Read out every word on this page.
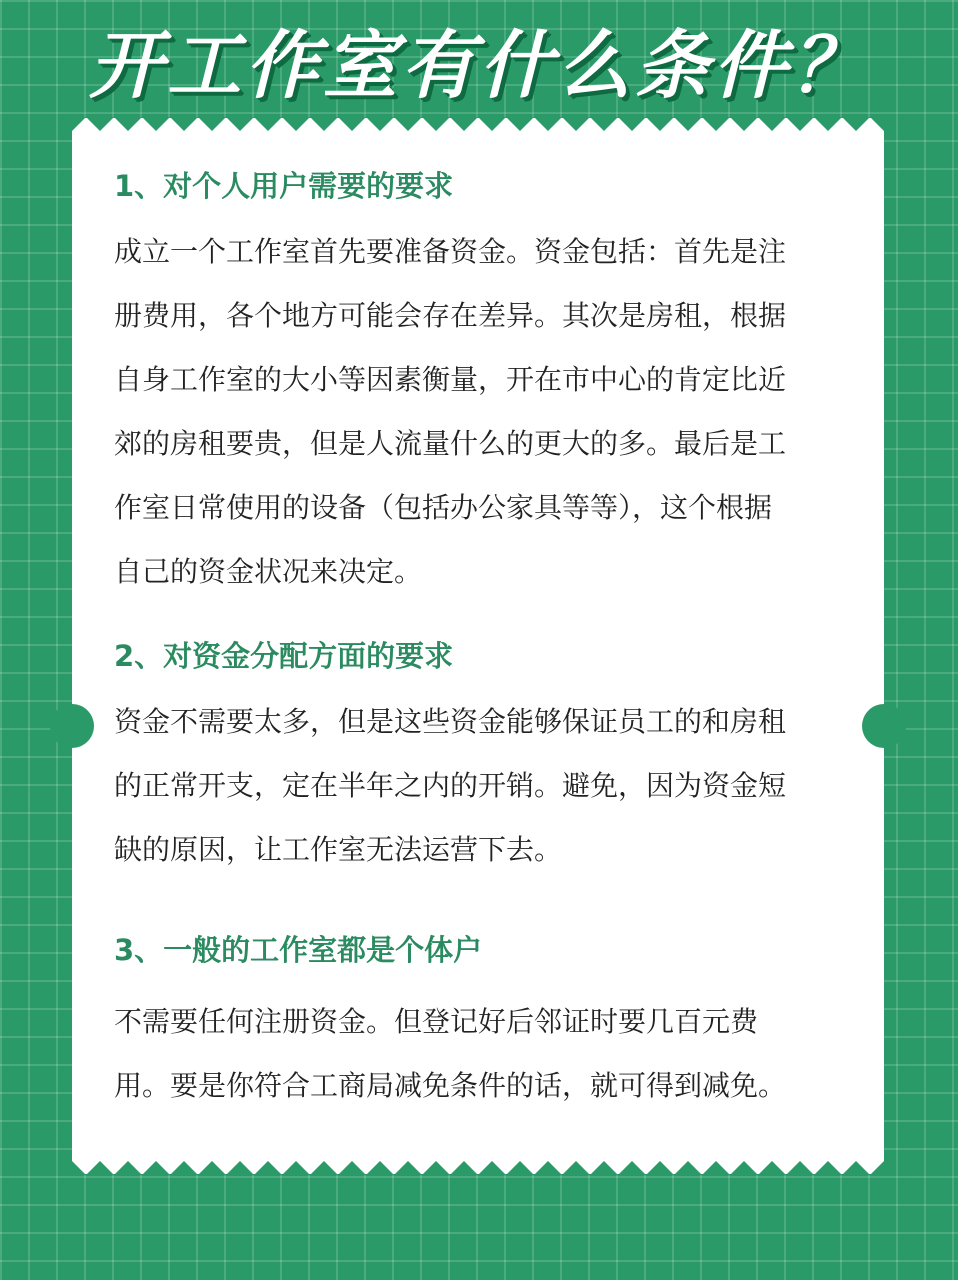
开工作室有什么条件？
1、对个人用户需要的要求
成立一个工作室首先要准备资金。资金包括：首先是注
册费用，各个地方可能会存在差异。其次是房租，根据
自身工作室的大小等因素衡量，开在市中心的肯定比近
郊的房租要贵，但是人流量什么的更大的多。最后是工
作室日常使用的设备（包括办公家具等等），这个根据
自己的资金状况来决定。
2、对资金分配方面的要求
资金不需要太多，但是这些资金能够保证员工的和房租
的正常开支，定在半年之内的开销。避免，因为资金短
缺的原因，让工作室无法运营下去。
3、一般的工作室都是个体户
不需要任何注册资金。但登记好后邻证时要几百元费
用。要是你符合工商局减免条件的话，就可得到减免。
